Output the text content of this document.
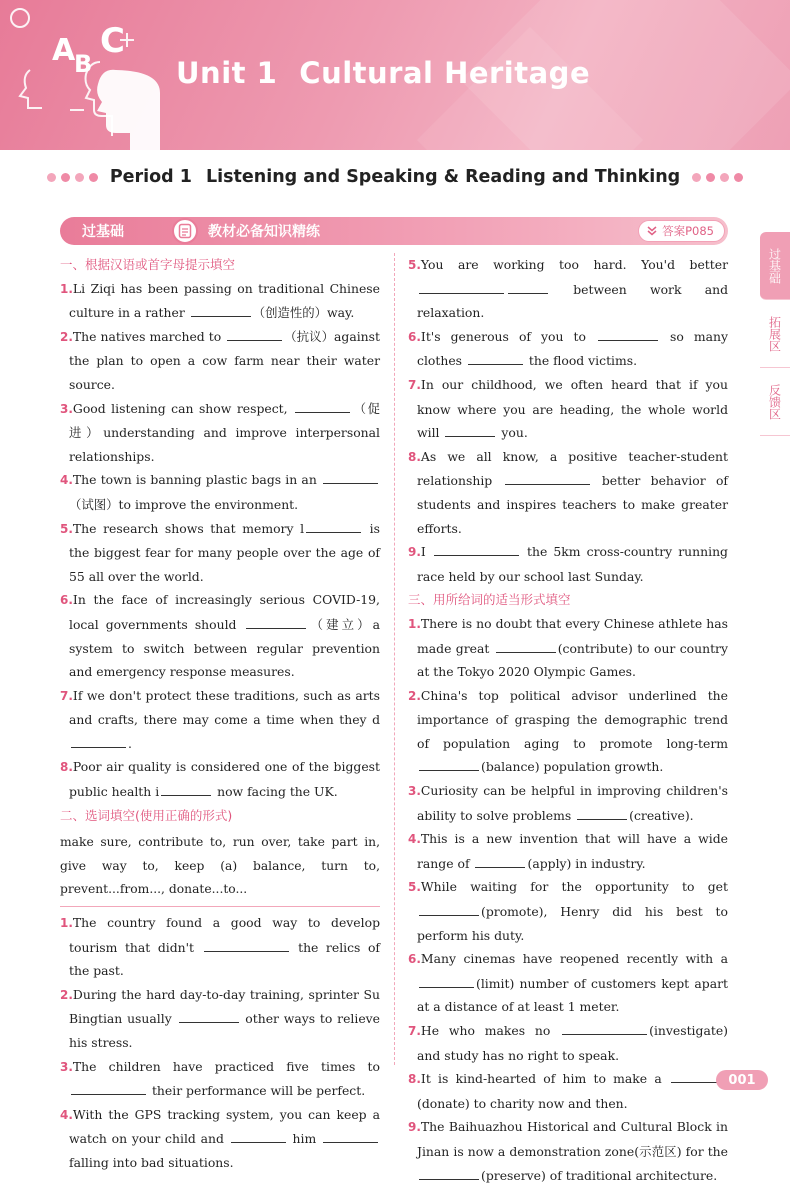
A
B
C
Unit 1 Cultural Heritage
Period 1 Listening and Speaking & Reading and Thinking
过基础	教材必备知识精练	答案P085
过基础
拓展区
反馈区
一、根据汉语或首字母提示填空
1.Li Ziqi has been passing on traditional Chinese culture in a rather	（创造性的）way.
2.The natives marched to	（抗议）against the plan to open a cow farm near their water source.
3.Good listening can show respect,	（促进）understanding and improve interpersonal relationships.
4.The town is banning plastic bags in an （试图）to improve the environment.
5.The research shows that memory l	is the biggest fear for many people over the age of 55 all over the world.
6.In the face of increasingly serious COVID-19, local governments should	（建立）a system to switch between regular prevention and emergency response measures.
7.If we don't protect these traditions, such as arts and crafts, there may come a time when they d.
8.Poor air quality is considered one of the biggest public health i	now facing the UK.
二、选词填空(使用正确的形式)
make sure, contribute to, run over, take part in, give way to, keep (a) balance, turn to, prevent...from..., donate...to...
1.The country found a good way to develop tourism that didn't	the relics of the past.
2.During the hard day-to-day training, sprinter Su Bingtian usually	other ways to relieve his stress.
3.The children have practiced five times to  their performance will be perfect.
4.With the GPS tracking system, you can keep a watch on your child and	him  falling into bad situations.
5.You are working too hard. You'd better  between work and relaxation.
6.It's generous of you to	so many clothes	the flood victims.
7.In our childhood, we often heard that if you know where you are heading, the whole world will	you.
8.As we all know, a positive teacher-student relationship	better behavior of students and inspires teachers to make greater efforts.
9.I	the 5km cross-country running race held by our school last Sunday.
三、用所给词的适当形式填空
1.There is no doubt that every Chinese athlete has made great	(contribute) to our country at the Tokyo 2020 Olympic Games.
2.China's top political advisor underlined the importance of grasping the demographic trend of population aging to promote long-term (balance) population growth.
3.Curiosity can be helpful in improving children's ability to solve problems	(creative).
4.This is a new invention that will have a wide range of	(apply) in industry.
5.While waiting for the opportunity to get (promote), Henry did his best to perform his duty.
6.Many cinemas have reopened recently with a (limit) number of customers kept apart at a distance of at least 1 meter.
7.He who makes no	(investigate) and study has no right to speak.
8.It is kind-hearted of him to make a (donate) to charity now and then.
9.The Baihuazhou Historical and Cultural Block in Jinan is now a demonstration zone(示范区) for the (preserve) of traditional architecture.
001
